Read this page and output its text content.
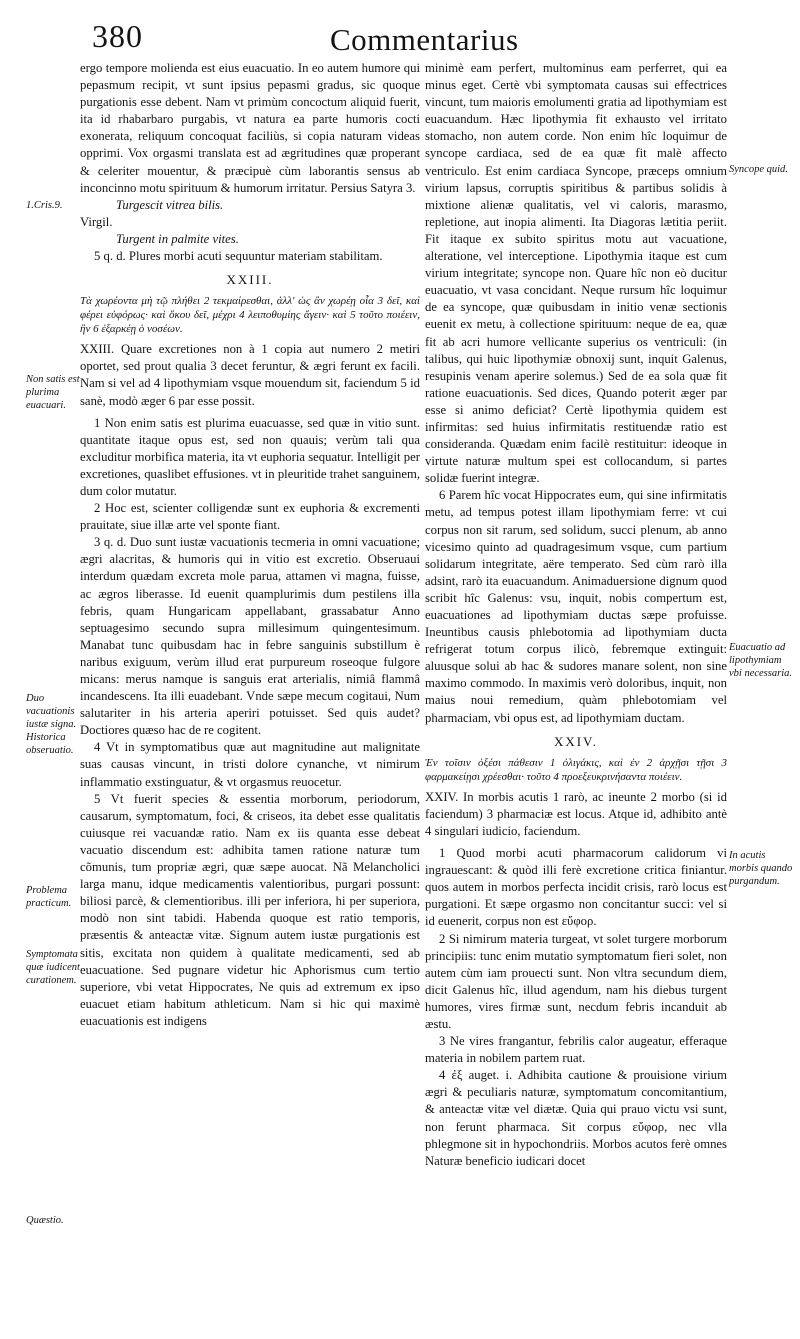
380	Commentarius
1.Cris.9.
Non satis est plurima euacuari.
Duo vacuationis iustæ signa. Historica obseruatio.
Problema practicum.
Symptomata quæ iudicent curationem.
Quæstio.
Syncope quid.
Euacuatio ad lipothymiam vbi necessaria.
In acutis morbis quando purgandum.

ergo tempore molienda est eius euacuatio. In eo autem humore qui pepasmum recipit, vt sunt ipsius pepasmi gradus, sic quoque purgationis esse debent. Nam vt primùm concoctum aliquid fuerit, ita id rhabarbaro purgabis, vt natura ea parte humoris cocti exonerata, reliquum concoquat faciliùs, si copia naturam videas opprimi. Vox orgasmi translata est ad ægritudines quæ properant & celeriter mouentur, & præcipuè cùm laborantis sensus ab inconcinno motu spirituum & humorum irritatur. Persius Satyra 3.

Turgescit vitrea bilis.

Virgil.

Turgent in palmite vites.

5 q. d. Plures morbi acuti sequuntur materiam stabilitam.

XXIII.

Τὰ χωρέοντα μὴ τῷ πλήθει 2 τεκμαίρεσθαι, ἀλλ' ὡς ἂν χωρέῃ οἷα 3 δεῖ, καὶ φέρει εὐφόρως· καὶ ὅκου δεῖ, μέχρι 4 λειποθυμίης ἄγειν· καὶ 5 τοῦτο ποιέειν, ἢν 6 ἐξαρκέῃ ὁ νοσέων.

XXIII. Quare excretiones non à 1 copia aut numero 2 metiri oportet, sed prout qualia 3 decet feruntur, & ægri ferunt ex facili. Nam si vel ad 4 lipothymiam vsque mouendum sit, faciendum 5 id sanè, modò æger 6 par esse possit.

1 Non enim satis est plurima euacuasse, sed quæ in vitio sunt. quantitate itaque opus est, sed non quauis; verùm tali qua excluditur morbifica materia, ita vt euphoria sequatur. Intelligit per excretiones, quaslibet effusiones. vt in pleuritide trahet sanguinem, dum color mutatur.

2 Hoc est, scienter colligendæ sunt ex euphoria & excrementi prauitate, siue illæ arte vel sponte fiant.

3 q. d. Duo sunt iustæ vacuationis tecmeria in omni vacuatione; ægri alacritas, & humoris qui in vitio est excretio. Obseruaui interdum quædam excreta mole parua, attamen vi magna, fuisse, ac ægros liberasse. Id euenit quamplurimis dum pestilens illa febris, quam Hungaricam appellabant, grassabatur Anno septuagesimo secundo supra millesimum quingentesimum. Manabat tunc quibusdam hac in febre sanguinis substillum è naribus exiguum, verùm illud erat purpureum roseoque fulgore micans: merus namque is sanguis erat arterialis, nimiâ flammâ incandescens. Ita illi euadebant. Vnde sæpe mecum cogitaui, Num salutariter in his arteria aperiri potuisset. Sed quis audet? Doctiores quæso hac de re cogitent.

4 Vt in symptomatibus quæ aut magnitudine aut malignitate suas causas vincunt, in tristi dolore cynanche, vt nimirum inflammatio exstinguatur, & vt orgasmus reuocetur.

5 Vt fuerit species & essentia morborum, periodorum, causarum, symptomatum, foci, & criseos, ita debet esse qualitatis cuiusque rei vacuandæ ratio. Nam ex iis quanta esse debeat vacuatio discendum est: adhibita tamen ratione naturæ tum cõmunis, tum propriæ ægri, quæ sæpe auocat. Nã Melancholici larga manu, idque medicamentis valentioribus, purgari possunt: biliosi parcè, & clementioribus. illi per inferiora, hi per superiora, modò non sint tabidi. Habenda quoque est ratio temporis, præsentis & anteactæ vitæ. Signum autem iustæ purgationis est sitis, excitata non quidem à qualitate medicamenti, sed ab euacuatione. Sed pugnare videtur hic Aphorismus cum tertio superiore, vbi vetat Hippocrates, Ne quis ad extremum ex ipso euacuet etiam habitum athleticum. Nam si hic qui maximè euacuationis est indigens

minimè eam perfert, multominus eam perferret, qui ea minus eget. Certè vbi symptomata causas sui effectrices vincunt, tum maioris emolumenti gratia ad lipothymiam est euacuandum. Hæc lipothymia fit exhausto vel irritato stomacho, non autem corde. Non enim hîc loquimur de syncope cardiaca, sed de ea quæ fit malè affecto ventriculo. Est enim cardiaca Syncope, præceps omnium virium lapsus, corruptis spiritibus & partibus solidis à mixtione alienæ qualitatis, vel vi caloris, marasmo, repletione, aut inopia alimenti. Ita Diagoras lætitia periit. Fit itaque ex subito spiritus motu aut vacuatione, alteratione, vel interceptione. Lipothymia itaque est cum virium integritate; syncope non. Quare hîc non eò ducitur euacuatio, vt vasa concidant. Neque rursum hîc loquimur de ea syncope, quæ quibusdam in initio venæ sectionis euenit ex metu, à collectione spirituum: neque de ea, quæ fit ab acri humore vellicante superius os ventriculi: (in talibus, qui huic lipothymiæ obnoxij sunt, inquit Galenus, resupinis venam aperire solemus.) Sed de ea sola quæ fit ratione euacuationis. Sed dices, Quando poterit æger par esse si animo deficiat? Certè lipothymia quidem est infirmitas: sed huius infirmitatis restituendæ ratio est consideranda. Quædam enim facilè restituitur: ideoque in virtute naturæ multum spei est collocandum, si partes solidæ fuerint integræ.

6 Parem hîc vocat Hippocrates eum, qui sine infirmitatis metu, ad tempus potest illam lipothymiam ferre: vt cui corpus non sit rarum, sed solidum, succi plenum, ab anno vicesimo quinto ad quadragesimum vsque, cum partium solidarum integritate, aëre temperato. Sed cùm rarò illa adsint, rarò ita euacuandum. Animaduersione dignum quod scribit hîc Galenus: vsu, inquit, nobis compertum est, euacuationes ad lipothymiam ductas sæpe profuisse. Ineuntibus causis phlebotomia ad lipothymiam ducta refrigerat totum corpus ilicò, febremque extinguit: aluusque solui ab hac & sudores manare solent, non sine maximo commodo. In maximis verò doloribus, inquit, non maius noui remedium, quàm phlebotomiam vel pharmaciam, vbi opus est, ad lipothymiam ductam.

XXIV.

Ἐν τοῖσιν ὀξέσι πάθεσιν 1 ὀλιγάκις, καὶ ἐν 2 ἀρχῇσι τῇσι 3 φαρμακείῃσι χρέεσθαι· τοῦτο 4 προεξευκρινήσαντα ποιέειν.

XXIV. In morbis acutis 1 rarò, ac ineunte 2 morbo (si id faciendum) 3 pharmaciæ est locus. Atque id, adhibito antè 4 singulari iudicio, faciendum.

1 Quod morbi acuti pharmacorum calidorum vi ingrauescant: & quòd illi ferè excretione critica finiantur. quos autem in morbos perfecta incidit crisis, rarò locus est purgationi. Et sæpe orgasmo non concitantur succi: vel si id euenerit, corpus non est εὔφορ.

2 Si nimirum materia turgeat, vt solet turgere morborum principiis: tunc enim mutatio symptomatum fieri solet, non autem cùm iam prouecti sunt. Non vltra secundum diem, dicit Galenus hîc, illud agendum, nam his diebus turgent humores, vires firmæ sunt, necdum febris incanduit ab æstu.

3 Ne vires frangantur, febrilis calor augeatur, efferaque materia in nobilem partem ruat.

4 ἐξ auget. i. Adhibita cautione & prouisione virium ægri & peculiaris naturæ, symptomatum concomitantium, & anteactæ vitæ vel diætæ. Quia qui prauo victu vsi sunt, non ferunt pharmaca. Sit corpus εὔφορ, nec vlla phlegmone sit in hypochondriis. Morbos acutos ferè omnes Naturæ beneficio iudicari docet
